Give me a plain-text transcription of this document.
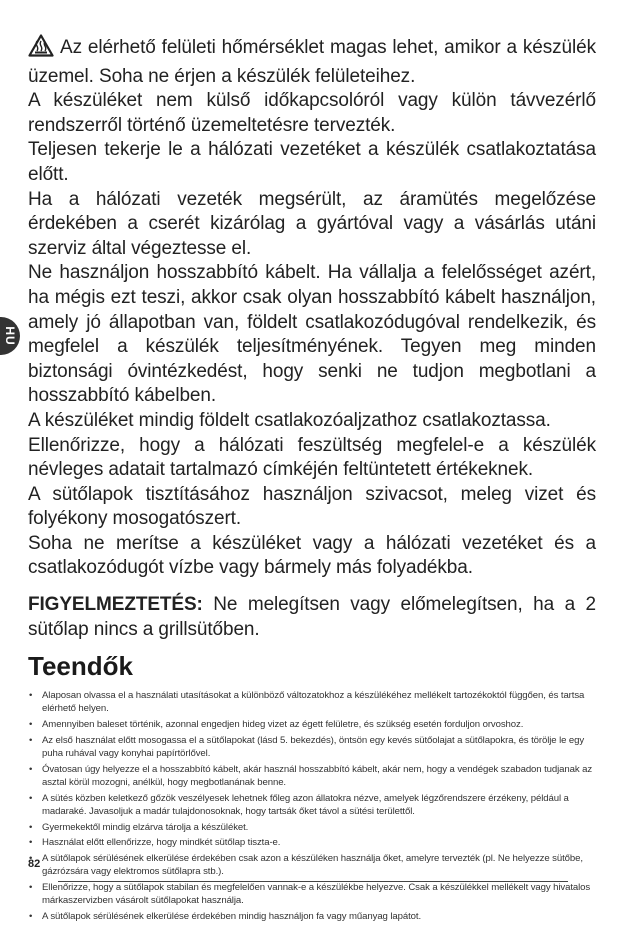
HU

Az elérhető felületi hőmérséklet magas lehet, amikor a készülék üzemel. Soha ne érjen a készülék felületeihez.

A készüléket nem külső időkapcsolóról vagy külön távvezérlő rendszerről történő üzemeltetésre tervezték.

Teljesen tekerje le a hálózati vezetéket a készülék csatlakoztatása előtt.

Ha a hálózati vezeték megsérült, az áramütés megelőzése érdekében a cserét kizárólag a gyártóval vagy a vásárlás utáni szerviz által végeztesse el.

Ne használjon hosszabbító kábelt. Ha vállalja a felelősséget azért, ha mégis ezt teszi, akkor csak olyan hosszabbító kábelt használjon, amely jó állapotban van, földelt csatlakozódugóval rendelkezik, és megfelel a készülék teljesítményének. Tegyen meg minden biztonsági óvintézkedést, hogy senki ne tudjon megbotlani a hosszabbító kábelben.

A készüléket mindig földelt csatlakozóaljzathoz csatlakoztassa.

Ellenőrizze, hogy a hálózati feszültség megfelel-e a készülék névleges adatait tartalmazó címkéjén feltüntetett értékeknek.

A sütőlapok tisztításához használjon szivacsot, meleg vizet és folyékony mosogatószert.

Soha ne merítse a készüléket vagy a hálózati vezetéket és a csatlakozódugót vízbe vagy bármely más folyadékba.

FIGYELMEZTETÉS: Ne melegítsen vagy előmelegítsen, ha a 2 sütőlap nincs a grillsütőben.

Teendők
• Alaposan olvassa el a használati utasításokat a különböző változatokhoz a készülékéhez mellékelt tartozékoktól függően, és tartsa elérhető helyen.
• Amennyiben baleset történik, azonnal engedjen hideg vizet az égett felületre, és szükség esetén forduljon orvoshoz.
• Az első használat előtt mosogassa el a sütőlapokat (lásd 5. bekezdés), öntsön egy kevés sütőolajat a sütőlapokra, és törölje le egy puha ruhával vagy konyhai papírtörlővel.
• Óvatosan úgy helyezze el a hosszabbító kábelt, akár használ hosszabbító kábelt, akár nem, hogy a vendégek szabadon tudjanak az asztal körül mozogni, anélkül, hogy megbotlanának benne.
• A sütés közben keletkező gőzök veszélyesek lehetnek főleg azon állatokra nézve, amelyek légzőrendszere érzékeny, például a madaraké. Javasoljuk a madár tulajdonosoknak, hogy tartsák őket távol a sütési területtől.
• Gyermekektől mindig elzárva tárolja a készüléket.
• Használat előtt ellenőrizze, hogy mindkét sütőlap tiszta-e.
• A sütőlapok sérülésének elkerülése érdekében csak azon a készüléken használja őket, amelyre tervezték (pl. Ne helyezze sütőbe, gázrózsára vagy elektromos sütőlapra stb.).
• Ellenőrizze, hogy a sütőlapok stabilan és megfelelően vannak-e a készülékbe helyezve. Csak a készülékkel mellékelt vagy hivatalos márkaszervizben vásárolt sütőlapokat használja.
• A sütőlapok sérülésének elkerülése érdekében mindig használjon fa vagy műanyag lapátot.
82
